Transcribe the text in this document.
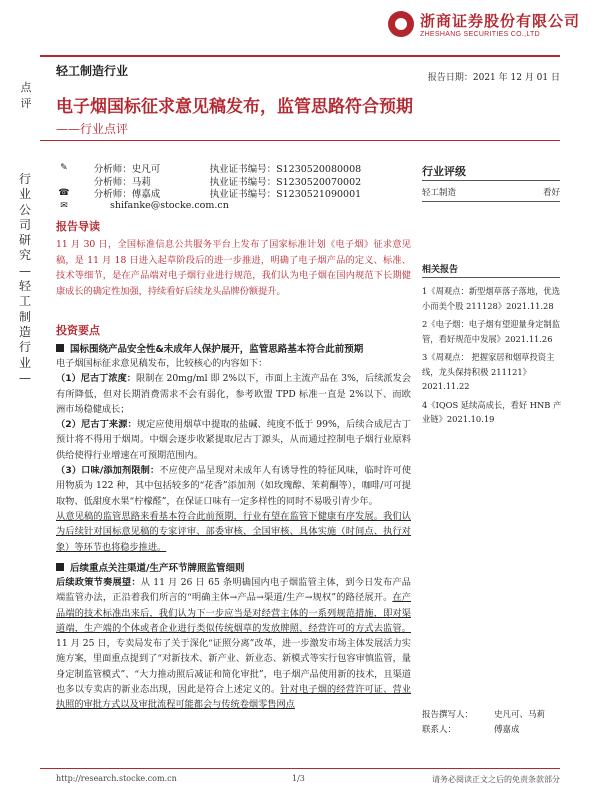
浙商证券股份有限公司
ZHESHANG SECURITIES CO.,LTD
轻工制造行业
点
评
报告日期：2021 年 12 月 01 日
电子烟国标征求意见稿发布，监管思路符合预期
——行业点评
行
业
公
司
研
究
—
轻
工
制
造
行
业
—
✎	分析师：史凡可	执业证书编号：S1230520080008
分析师：马莉	执业证书编号：S1230520070002
☎	分析师：傅嘉成	执业证书编号：S1230521090001
✉	shifanke@stocke.com.cn
报告导读
11 月 30 日，全国标准信息公共服务平台上发布了国家标准计划《电子烟》征求意见稿，是 11 月 18 日进入起草阶段后的进一步推进，明确了电子烟产品的定义、标准、技术等细节，是在产品端对电子烟行业进行规范，我们认为电子烟在国内规范下长期健康成长的确定性加强，持续看好后续龙头品牌份额提升。
投资要点
国标围绕产品安全性&未成年人保护展开，监管思路基本符合此前预期

电子烟国标征求意见稿发布，比较核心的内容如下：

（1）尼古丁浓度：限制在 20mg/ml 即 2%以下，市面上主流产品在 3%，后续派发会有所降低，但对长期消费需求不会有弱化，参考欧盟 TPD 标准一直是 2%以下、而欧洲市场稳健成长；

（2）尼古丁来源：规定应使用烟草中提取的盐碱、纯度不低于 99%，后续合成尼古丁预计将不得用于烟周。中烟会逐步收紧提取尼古丁源头，从而通过控制电子烟行业原料供给使得行业增速在可预期范围内。

（3）口味/添加剂限制：不应使产品呈现对未成年人有诱导性的特征风味，临时许可使用物质为 122 种，其中包括较多的“花香”添加剂（如玫瑰醇、茉莉酮等），咖啡/可可提取物、低甜度水果“柠檬醛”，在保证口味有一定多样性的同时不易吸引青少年。

从意见稿的监管思路来看基本符合此前预期，行业有望在监管下健康有序发展。我们认为后续针对国标意见稿的专家评审、部委审核、全国审核、具体实施（时间点、执行对象）等环节也将稳步推进。

后续重点关注渠道/生产环节牌照监管细则

后续政策节奏展望：从 11 月 26 日 65 条明确国内电子烟监管主体，到今日发布产品端监管办法，正沿着我们所言的“明确主体→产品→渠道/生产→规权”的路径展开。在产品端的技术标准出来后，我们认为下一步应当是对经营主体的一系列规范措施，即对渠道端，生产端的个体或者企业进行类似传统烟草的发放牌照、经营许可的方式去监管。11 月 25 日，专卖局发布了关于深化“证照分离”改革，进一步激发市场主体发展活力实施方案，里面重点提到了“对新技术、新产业、新业态、新模式等实行包容审慎监管，量身定制监管模式”、“大力推动照后减证和简化审批”，电子烟产品使用新的技术，且渠道也多以专卖店的新业态出现，因此是符合上述定义的。针对电子烟的经营许可证、营业执照的审批方式以及审批流程可能都会与传统卷烟零售网点

行业评级
轻工制造	看好
相关报告
1《周观点：新型烟草落子落地，优选小而美个股 211128》2021.11.28
2《电子烟：电子烟有望迎量身定制监管，看好规范中发展》2021.11.26
3《周观点： 把握家居和烟草投资主线，龙头保持积极 211121》2021.11.22
4《IQOS 延续高成长，看好 HNB 产业链》2021.10.19
报告撰写人： 史凡可、马莉
联系人：	傅嘉成
http://research.stocke.com.cn	1/3	请务必阅读正文之后的免责条款部分
